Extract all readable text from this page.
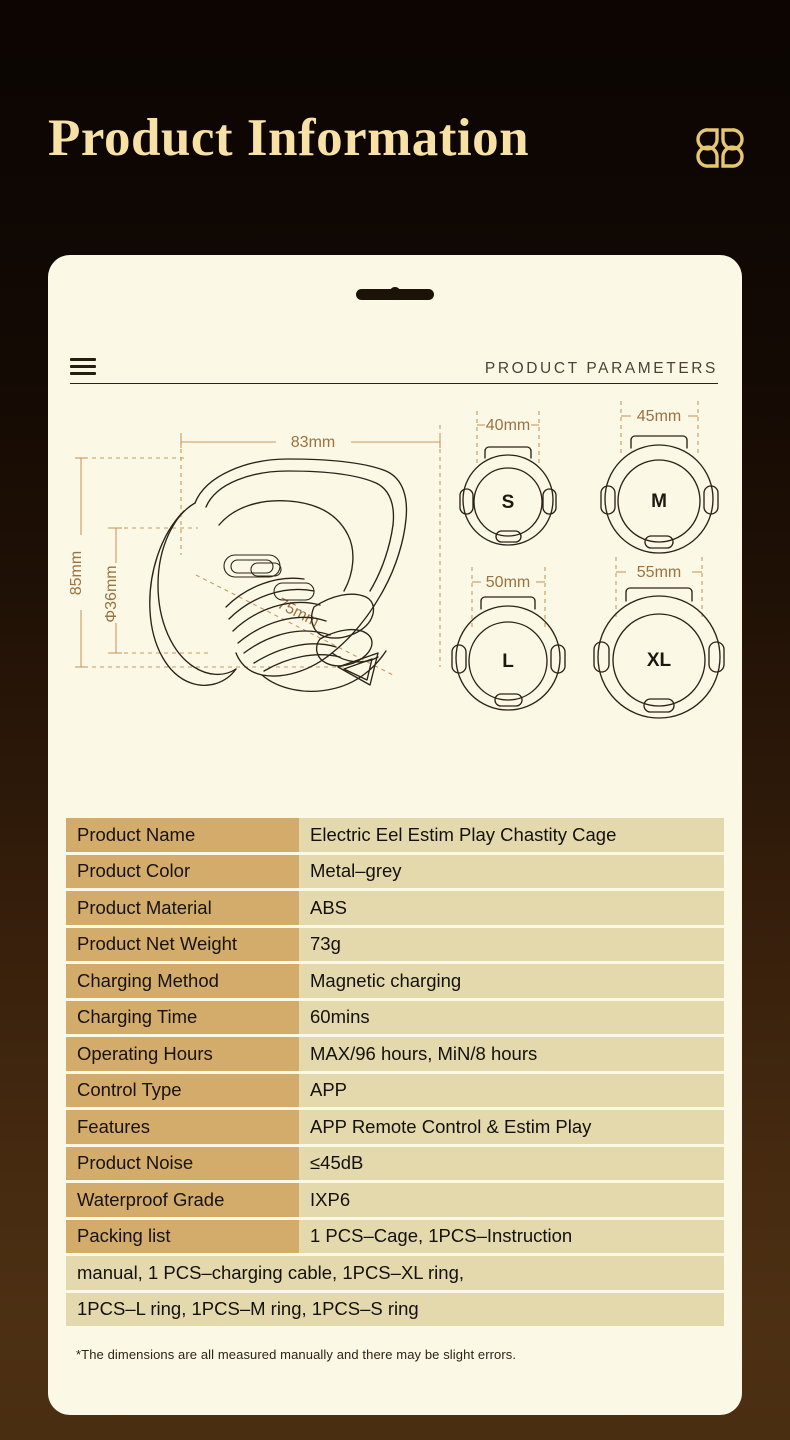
Product Information
PRODUCT PARAMETERS
83mm
85mm Φ36mm	75mm
40mm
S
45mm
M
50mm
L
55mm
XL
Product Name	Electric Eel Estim Play Chastity Cage
Product Color	Metal–grey
Product Material	ABS
Product Net Weight	73g
Charging Method	Magnetic charging
Charging Time	60mins
Operating Hours	MAX/96 hours, MiN/8 hours
Control Type	APP
Features	APP Remote Control & Estim Play
Product Noise	≤45dB
Waterproof Grade	IXP6
Packing list	1 PCS–Cage, 1PCS–Instruction
manual, 1 PCS–charging cable, 1PCS–XL ring,
1PCS–L ring, 1PCS–M ring, 1PCS–S ring
*The dimensions are all measured manually and there may be slight errors.
